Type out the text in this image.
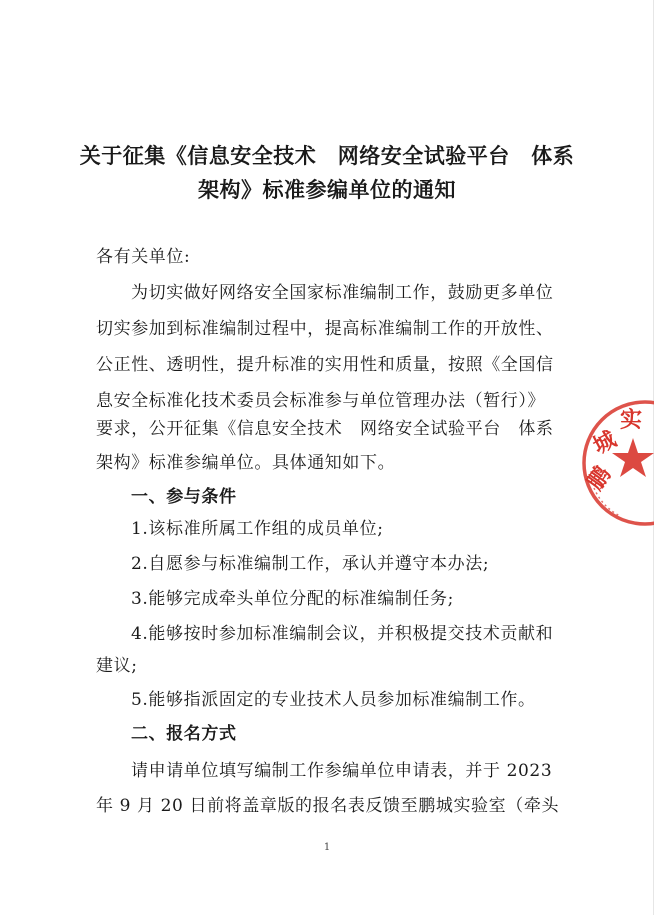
关于征集《信息安全技术　网络安全试验平台　体系
架构》标准参编单位的通知
各有关单位:
为切实做好网络安全国家标准编制工作，鼓励更多单位
切实参加到标准编制过程中，提高标准编制工作的开放性、
公正性、透明性，提升标准的实用性和质量，按照《全国信
息安全标准化技术委员会标准参与单位管理办法（暂行）》
要求，公开征集《信息安全技术　网络安全试验平台　体系
架构》标准参编单位。具体通知如下。
一、参与条件
1.该标准所属工作组的成员单位;
2.自愿参与标准编制工作，承认并遵守本办法;
3.能够完成牵头单位分配的标准编制任务;
4.能够按时参加标准编制会议，并积极提交技术贡献和
建议;
5.能够指派固定的专业技术人员参加标准编制工作。
二、报名方式
请申请单位填写编制工作参编单位申请表，并于 2023
年 9 月 20 日前将盖章版的报名表反馈至鹏城实验室（牵头
1
实
城
鹏
